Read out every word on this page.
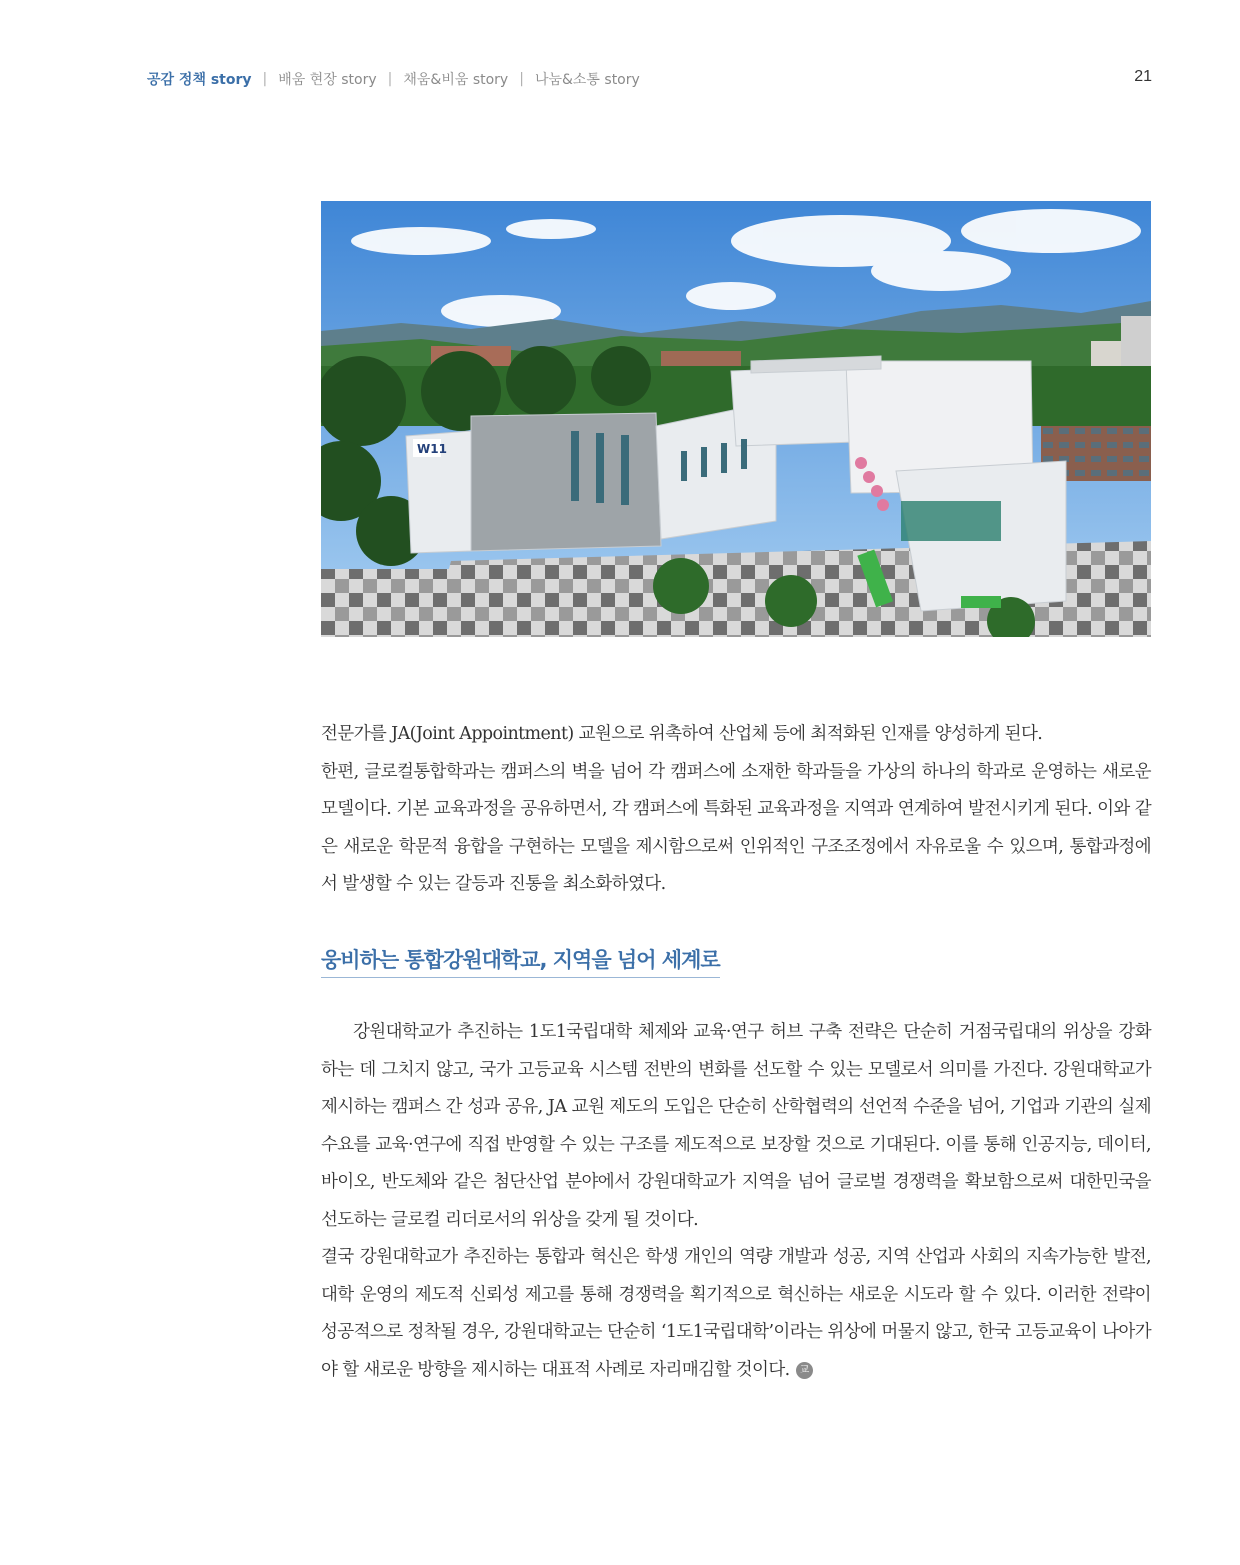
공감 정책 story | 배움 현장 story | 채움&비움 story | 나눔&소통 story	21
W11

전문가를 JA(Joint Appointment) 교원으로 위촉하여 산업체 등에 최적화된 인재를 양성하게 된다.

한편, 글로컬통합학과는 캠퍼스의 벽을 넘어 각 캠퍼스에 소재한 학과들을 가상의 하나의 학과로 운영하는 새로운 모델이다. 기본 교육과정을 공유하면서, 각 캠퍼스에 특화된 교육과정을 지역과 연계하여 발전시키게 된다. 이와 같은 새로운 학문적 융합을 구현하는 모델을 제시함으로써 인위적인 구조조정에서 자유로울 수 있으며, 통합과정에서 발생할 수 있는 갈등과 진통을 최소화하였다.

웅비하는 통합강원대학교, 지역을 넘어 세계로

강원대학교가 추진하는 1도1국립대학 체제와 교육·연구 허브 구축 전략은 단순히 거점국립대의 위상을 강화하는 데 그치지 않고, 국가 고등교육 시스템 전반의 변화를 선도할 수 있는 모델로서 의미를 가진다. 강원대학교가 제시하는 캠퍼스 간 성과 공유, JA 교원 제도의 도입은 단순히 산학협력의 선언적 수준을 넘어, 기업과 기관의 실제 수요를 교육·연구에 직접 반영할 수 있는 구조를 제도적으로 보장할 것으로 기대된다. 이를 통해 인공지능, 데이터, 바이오, 반도체와 같은 첨단산업 분야에서 강원대학교가 지역을 넘어 글로벌 경쟁력을 확보함으로써 대한민국을 선도하는 글로컬 리더로서의 위상을 갖게 될 것이다.

결국 강원대학교가 추진하는 통합과 혁신은 학생 개인의 역량 개발과 성공, 지역 산업과 사회의 지속가능한 발전, 대학 운영의 제도적 신뢰성 제고를 통해 경쟁력을 획기적으로 혁신하는 새로운 시도라 할 수 있다. 이러한 전략이 성공적으로 정착될 경우, 강원대학교는 단순히 ‘1도1국립대학’이라는 위상에 머물지 않고, 한국 고등교육이 나아가야 할 새로운 방향을 제시하는 대표적 사례로 자리매김할 것이다. 교
